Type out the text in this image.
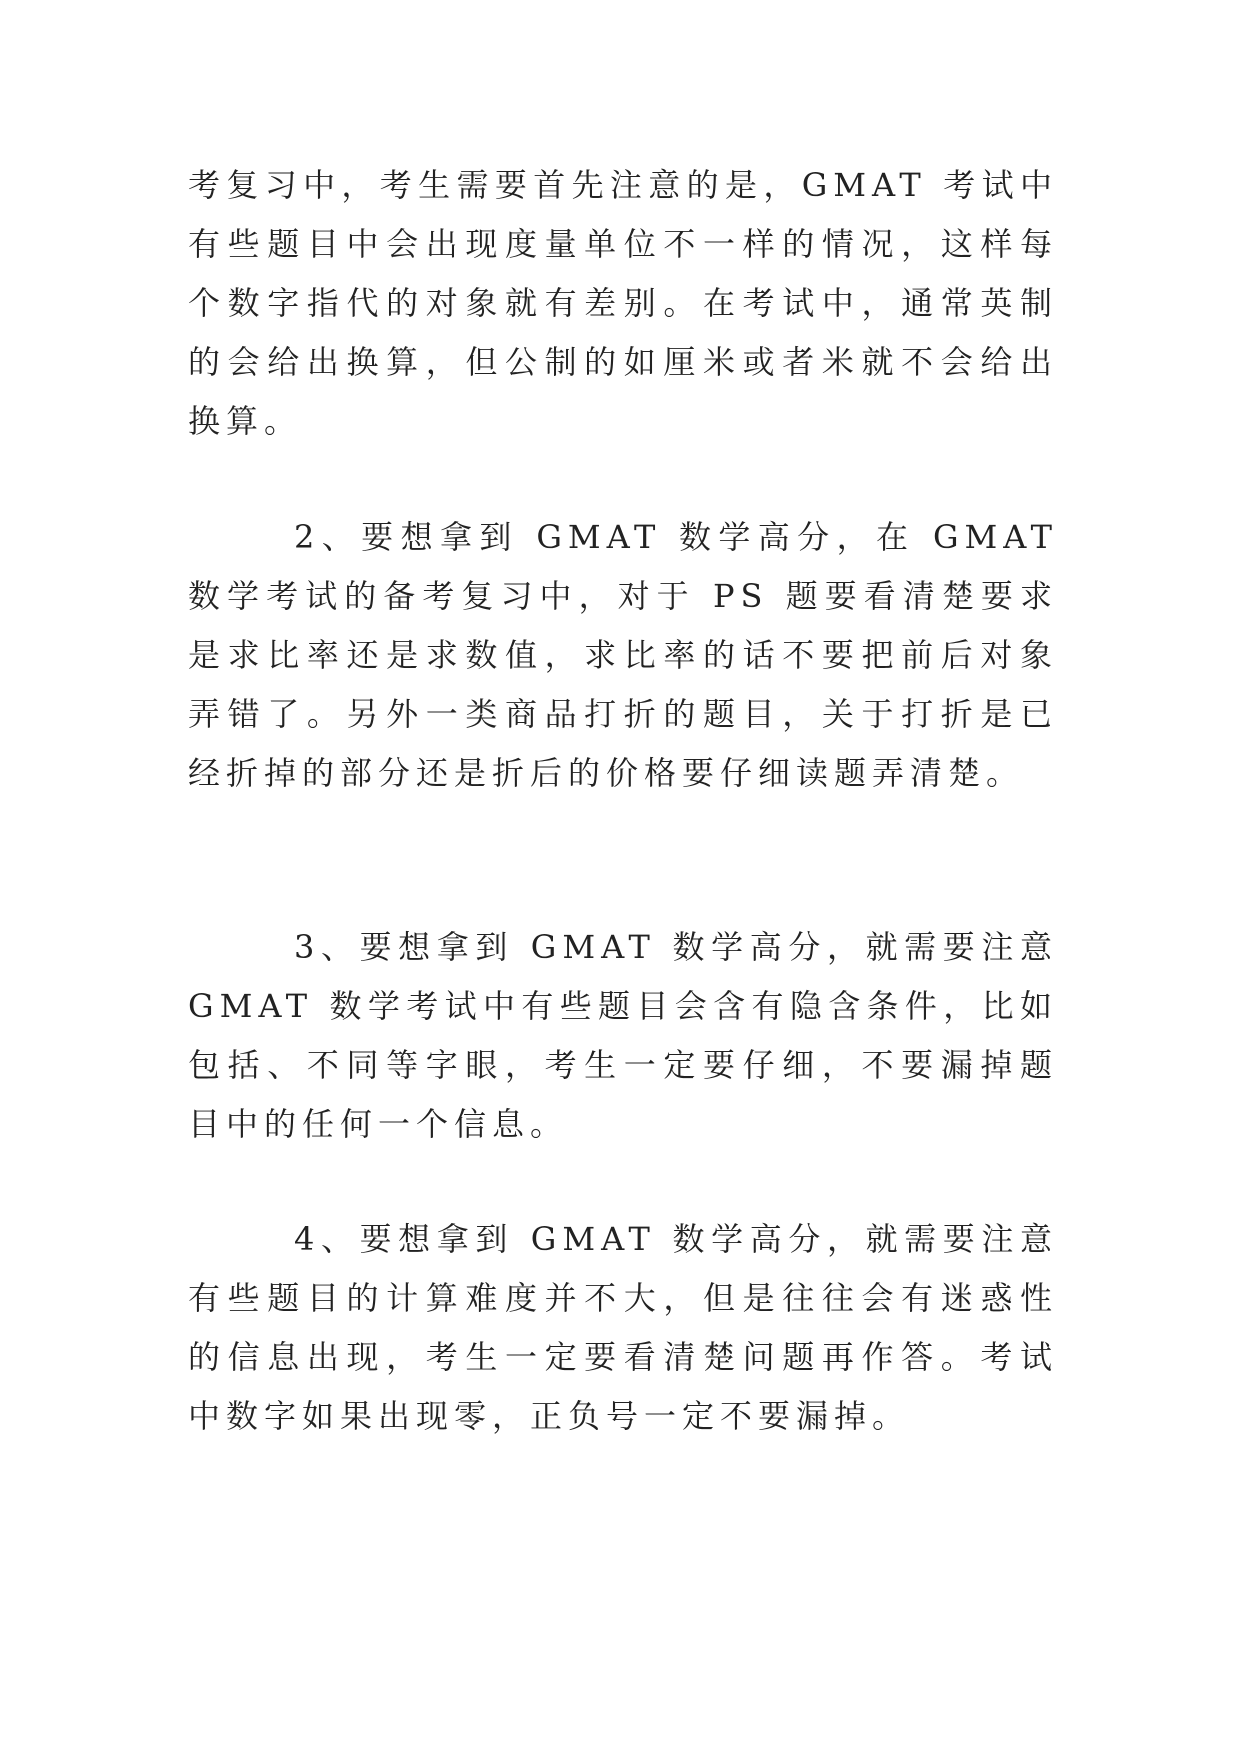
考复习中，考生需要首先注意的是，GMAT 考试中有些题目中会出现度量单位不一样的情况，这样每个数字指代的对象就有差别。在考试中，通常英制的会给出换算，但公制的如厘米或者米就不会给出换算。

2、要想拿到 GMAT 数学高分，在 GMAT 数学考试的备考复习中，对于 PS 题要看清楚要求是求比率还是求数值，求比率的话不要把前后对象弄错了。另外一类商品打折的题目，关于打折是已经折掉的部分还是折后的价格要仔细读题弄清楚。

3、要想拿到 GMAT 数学高分，就需要注意 GMAT 数学考试中有些题目会含有隐含条件，比如包括、不同等字眼，考生一定要仔细，不要漏掉题目中的任何一个信息。

4、要想拿到 GMAT 数学高分，就需要注意有些题目的计算难度并不大，但是往往会有迷惑性的信息出现，考生一定要看清楚问题再作答。考试中数字如果出现零，正负号一定不要漏掉。
